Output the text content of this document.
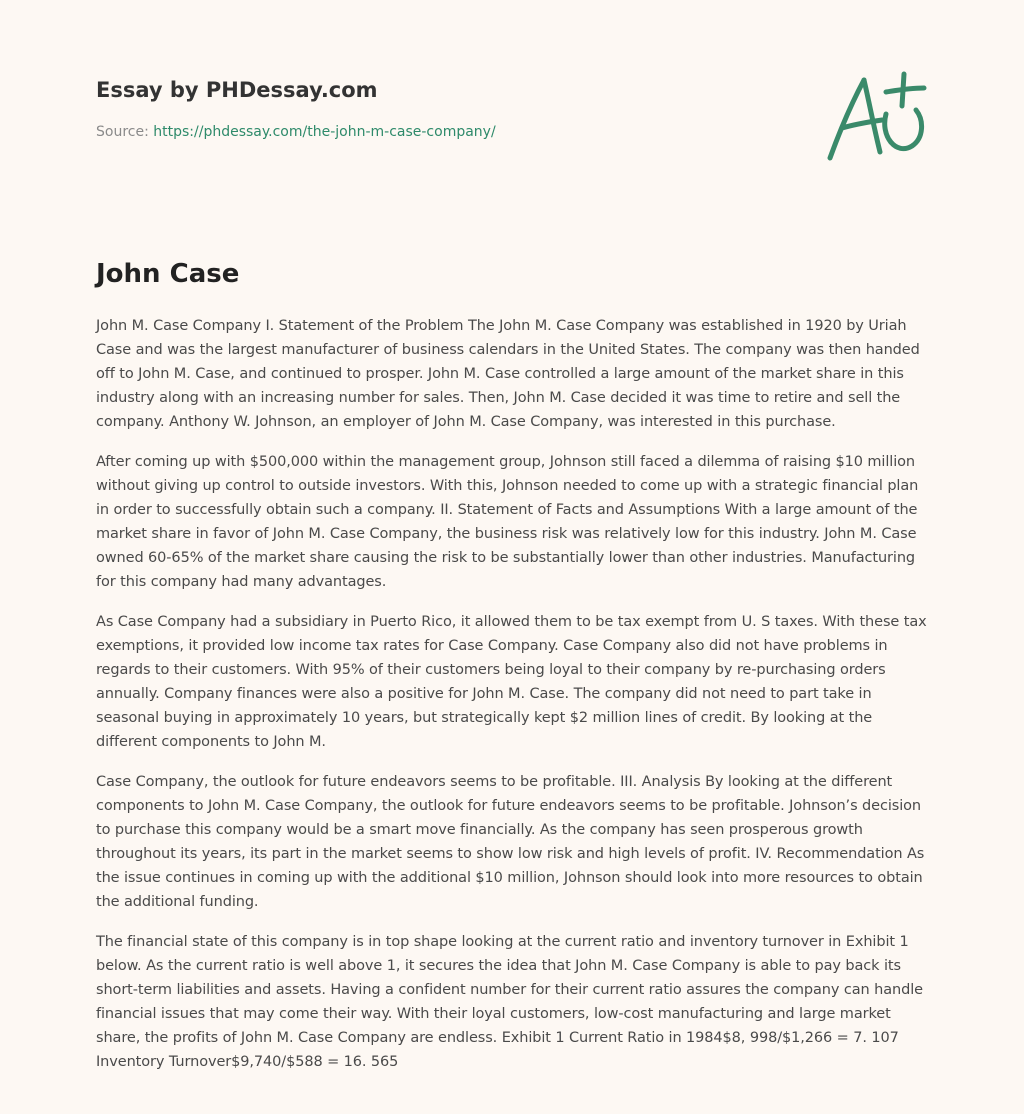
Essay by PHDessay.com
Source: https://phdessay.com/the-john-m-case-company/
John Case

John M. Case Company I. Statement of the Problem The John M. Case Company was established in 1920 by Uriah Case and was the largest manufacturer of business calendars in the United States. The company was then handed off to John M. Case, and continued to prosper. John M. Case controlled a large amount of the market share in this industry along with an increasing number for sales. Then, John M. Case decided it was time to retire and sell the company. Anthony W. Johnson, an employer of John M. Case Company, was interested in this purchase.

After coming up with $500,000 within the management group, Johnson still faced a dilemma of raising $10 million without giving up control to outside investors. With this, Johnson needed to come up with a strategic financial plan in order to successfully obtain such a company. II. Statement of Facts and Assumptions With a large amount of the market share in favor of John M. Case Company, the business risk was relatively low for this industry. John M. Case owned 60-65% of the market share causing the risk to be substantially lower than other industries. Manufacturing for this company had many advantages.

As Case Company had a subsidiary in Puerto Rico, it allowed them to be tax exempt from U. S taxes. With these tax exemptions, it provided low income tax rates for Case Company. Case Company also did not have problems in regards to their customers. With 95% of their customers being loyal to their company by re-purchasing orders annually. Company finances were also a positive for John M. Case. The company did not need to part take in seasonal buying in approximately 10 years, but strategically kept $2 million lines of credit. By looking at the different components to John M.

Case Company, the outlook for future endeavors seems to be profitable. III. Analysis By looking at the different components to John M. Case Company, the outlook for future endeavors seems to be profitable. Johnson’s decision to purchase this company would be a smart move financially. As the company has seen prosperous growth throughout its years, its part in the market seems to show low risk and high levels of profit. IV. Recommendation As the issue continues in coming up with the additional $10 million, Johnson should look into more resources to obtain the additional funding.

The financial state of this company is in top shape looking at the current ratio and inventory turnover in Exhibit 1 below. As the current ratio is well above 1, it secures the idea that John M. Case Company is able to pay back its short-term liabilities and assets. Having a confident number for their current ratio assures the company can handle financial issues that may come their way. With their loyal customers, low-cost manufacturing and large market share, the profits of John M. Case Company are endless. Exhibit 1 Current Ratio in 1984$8, 998/$1,266 = 7. 107 Inventory Turnover$9,740/$588 = 16. 565
